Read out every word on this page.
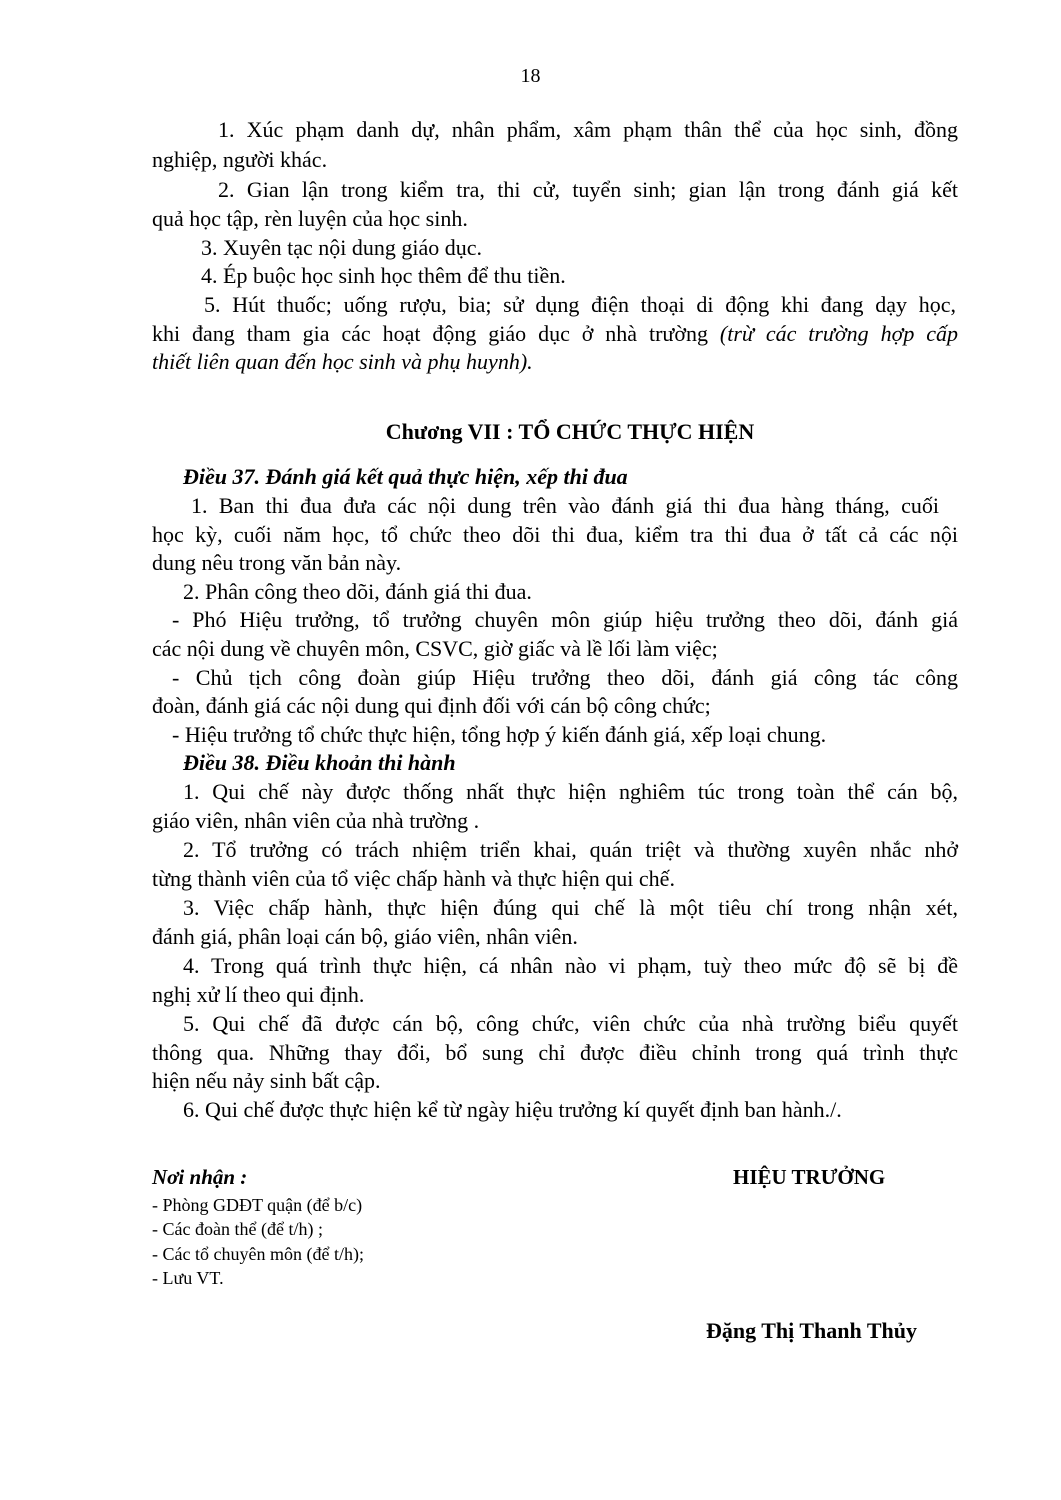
18
1. Xúc phạm danh dự, nhân phẩm, xâm phạm thân thể của học sinh, đồng
nghiệp, người khác.
2. Gian lận trong kiểm tra, thi cử, tuyển sinh; gian lận trong đánh giá kết
quả học tập, rèn luyện của học sinh.
3. Xuyên tạc nội dung giáo dục.
4. Ép buộc học sinh học thêm để thu tiền.
5. Hút thuốc; uống rượu, bia; sử dụng điện thoại di động khi đang dạy học,
khi đang tham gia các hoạt động giáo dục ở nhà trường (trừ các trường hợp cấp
thiết liên quan đến học sinh và phụ huynh).
Chương VII : TỔ CHỨC THỰC HIỆN
Điều 37. Đánh giá kết quả thực hiện, xếp thi đua
1. Ban thi đua đưa các nội dung trên vào đánh giá thi đua hàng tháng, cuối
học kỳ, cuối năm học, tổ chức theo dõi thi đua, kiểm tra thi đua ở tất cả các nội
dung nêu trong văn bản này.
2. Phân công theo dõi, đánh giá thi đua.
- Phó Hiệu trưởng, tổ trưởng chuyên môn giúp hiệu trưởng theo dõi, đánh giá
các nội dung về chuyên môn, CSVC, giờ giấc và lề lối làm việc;
- Chủ tịch công đoàn giúp Hiệu trưởng theo dõi, đánh giá công tác công
đoàn, đánh giá các nội dung qui định đối với cán bộ công chức;
- Hiệu trưởng tổ chức thực hiện, tổng hợp ý kiến đánh giá, xếp loại chung.
Điều 38. Điều khoản thi hành
1. Qui chế này được thống nhất thực hiện nghiêm túc trong toàn thể cán bộ,
giáo viên, nhân viên của nhà trường .
2. Tổ trưởng có trách nhiệm triển khai, quán triệt và thường xuyên nhắc nhở
từng thành viên của tổ việc chấp hành và thực hiện qui chế.
3. Việc chấp hành, thực hiện đúng qui chế là một tiêu chí trong nhận xét,
đánh giá, phân loại cán bộ, giáo viên, nhân viên.
4. Trong quá trình thực hiện, cá nhân nào vi phạm, tuỳ theo mức độ sẽ bị đề
nghị xử lí theo qui định.
5. Qui chế đã được cán bộ, công chức, viên chức của nhà trường biểu quyết
thông qua. Những thay đổi, bổ sung chỉ được điều chỉnh trong quá trình thực
hiện nếu nảy sinh bất cập.
6. Qui chế được thực hiện kể từ ngày hiệu trưởng kí quyết định ban hành./.
Nơi nhận :
- Phòng GDĐT quận (để b/c)
- Các đoàn thể (để t/h) ;
- Các tổ chuyên môn (để t/h);
- Lưu VT.
HIỆU TRƯỞNG
Đặng Thị Thanh Thủy
